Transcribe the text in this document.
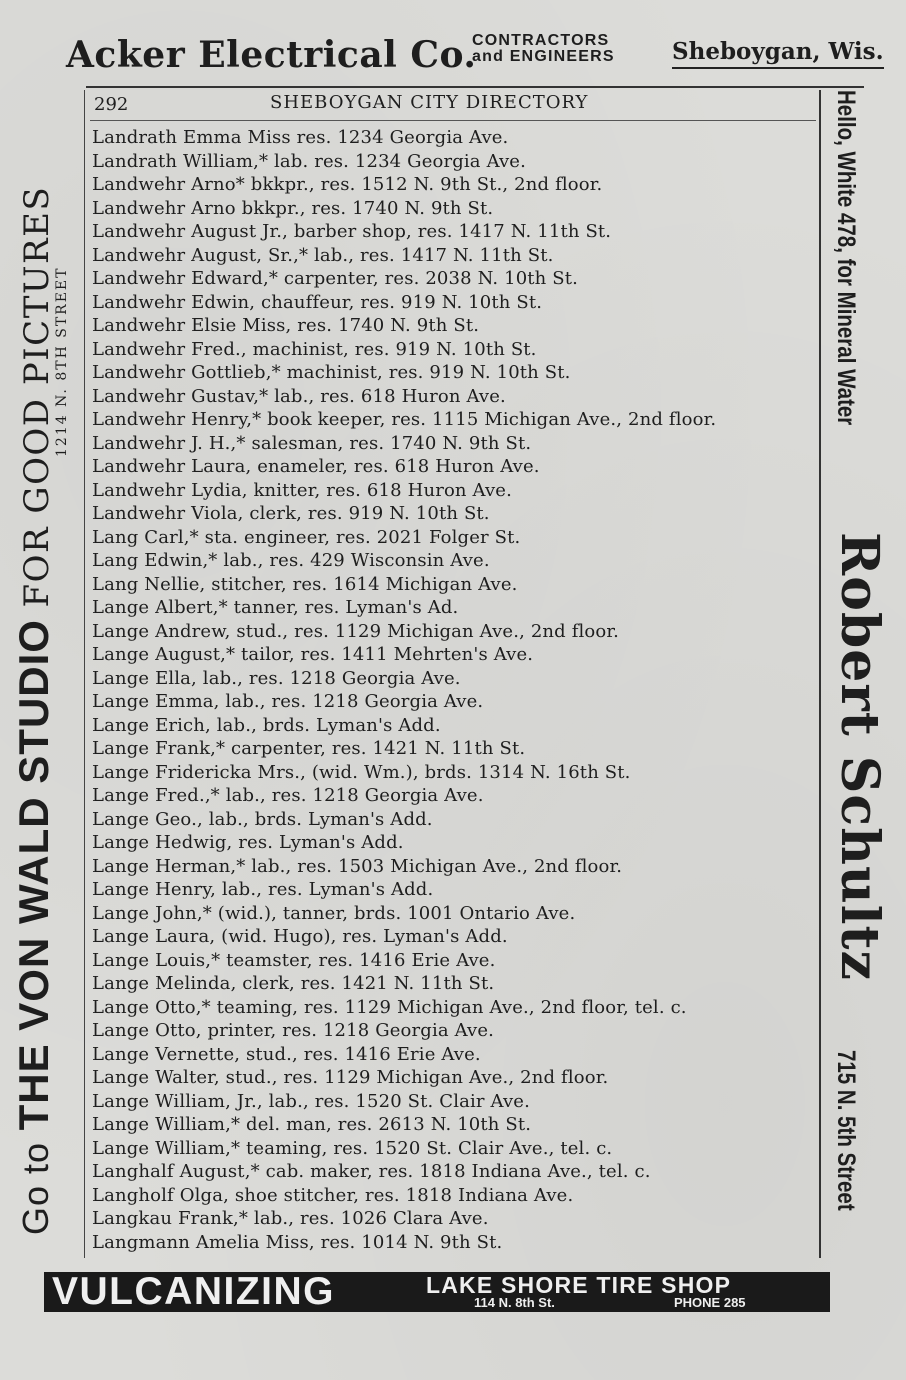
Acker Electrical Co.
CONTRACTORS
and ENGINEERS Sheboygan, Wis.
292	SHEBOYGAN CITY DIRECTORY
Landrath Emma Miss res. 1234 Georgia Ave.
Landrath William,* lab. res. 1234 Georgia Ave.
Landwehr Arno* bkkpr., res. 1512 N. 9th St., 2nd floor.
Landwehr Arno bkkpr., res. 1740 N. 9th St.
Landwehr August Jr., barber shop, res. 1417 N. 11th St.
Landwehr August, Sr.,* lab., res. 1417 N. 11th St.
Landwehr Edward,* carpenter, res. 2038 N. 10th St.
Landwehr Edwin, chauffeur, res. 919 N. 10th St.
Landwehr Elsie Miss, res. 1740 N. 9th St.
Landwehr Fred., machinist, res. 919 N. 10th St.
Landwehr Gottlieb,* machinist, res. 919 N. 10th St.
Landwehr Gustav,* lab., res. 618 Huron Ave.
Landwehr Henry,* book keeper, res. 1115 Michigan Ave., 2nd floor.
Landwehr J. H.,* salesman, res. 1740 N. 9th St.
Landwehr Laura, enameler, res. 618 Huron Ave.
Landwehr Lydia, knitter, res. 618 Huron Ave.
Landwehr Viola, clerk, res. 919 N. 10th St.
Lang Carl,* sta. engineer, res. 2021 Folger St.
Lang Edwin,* lab., res. 429 Wisconsin Ave.
Lang Nellie, stitcher, res. 1614 Michigan Ave.
Lange Albert,* tanner, res. Lyman's Ad.
Lange Andrew, stud., res. 1129 Michigan Ave., 2nd floor.
Lange August,* tailor, res. 1411 Mehrten's Ave.
Lange Ella, lab., res. 1218 Georgia Ave.
Lange Emma, lab., res. 1218 Georgia Ave.
Lange Erich, lab., brds. Lyman's Add.
Lange Frank,* carpenter, res. 1421 N. 11th St.
Lange Fridericka Mrs., (wid. Wm.), brds. 1314 N. 16th St.
Lange Fred.,* lab., res. 1218 Georgia Ave.
Lange Geo., lab., brds. Lyman's Add.
Lange Hedwig, res. Lyman's Add.
Lange Herman,* lab., res. 1503 Michigan Ave., 2nd floor.
Lange Henry, lab., res. Lyman's Add.
Lange John,* (wid.), tanner, brds. 1001 Ontario Ave.
Lange Laura, (wid. Hugo), res. Lyman's Add.
Lange Louis,* teamster, res. 1416 Erie Ave.
Lange Melinda, clerk, res. 1421 N. 11th St.
Lange Otto,* teaming, res. 1129 Michigan Ave., 2nd floor, tel. c.
Lange Otto, printer, res. 1218 Georgia Ave.
Lange Vernette, stud., res. 1416 Erie Ave.
Lange Walter, stud., res. 1129 Michigan Ave., 2nd floor.
Lange William, Jr., lab., res. 1520 St. Clair Ave.
Lange William,* del. man, res. 2613 N. 10th St.
Lange William,* teaming, res. 1520 St. Clair Ave., tel. c.
Langhalf August,* cab. maker, res. 1818 Indiana Ave., tel. c.
Langholf Olga, shoe stitcher, res. 1818 Indiana Ave.
Langkau Frank,* lab., res. 1026 Clara Ave.
Langmann Amelia Miss, res. 1014 N. 9th St.
Go to THE VON WALD STUDIO FOR GOOD PICTURES
1214 N. 8TH STREET	Hello, White 478, for Mineral Water
Robert Schultz
715 N. 5th Street
VULCANIZING	LAKE SHORE TIRE SHOP
114 N. 8th St.	PHONE 285
